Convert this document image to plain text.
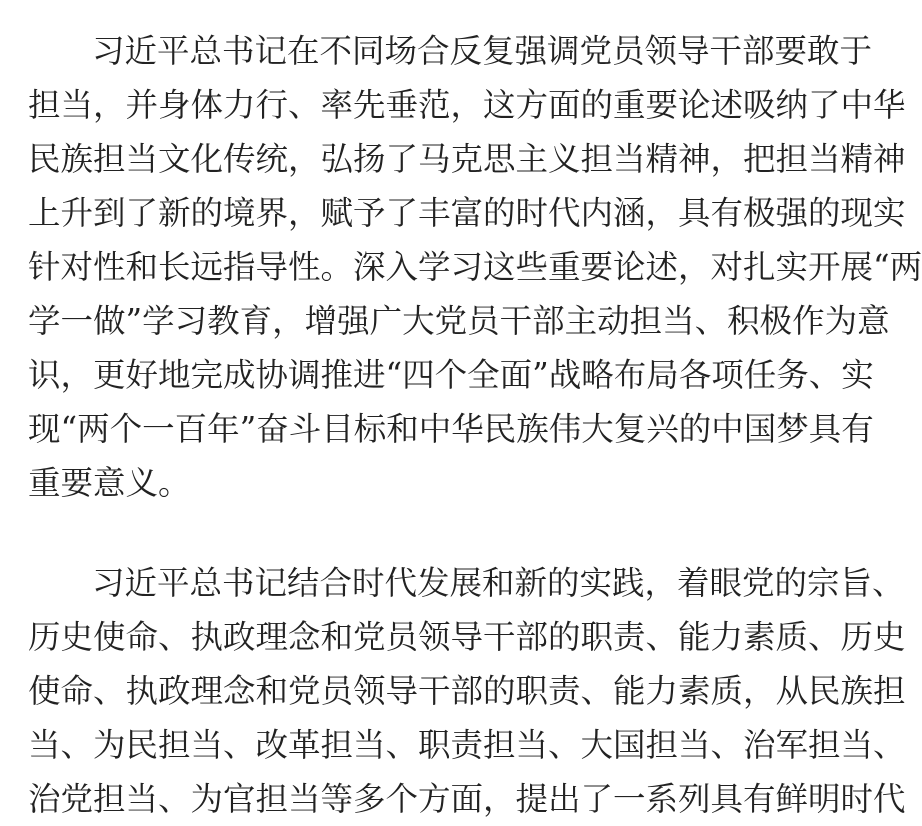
习近平总书记在不同场合反复强调党员领导干部要敢于
担当，并身体力行、率先垂范，这方面的重要论述吸纳了中华
民族担当文化传统，弘扬了马克思主义担当精神，把担当精神
上升到了新的境界，赋予了丰富的时代内涵，具有极强的现实
针对性和长远指导性。深入学习这些重要论述，对扎实开展“两
学一做”学习教育，增强广大党员干部主动担当、积极作为意
识，更好地完成协调推进“四个全面”战略布局各项任务、实
现“两个一百年”奋斗目标和中华民族伟大复兴的中国梦具有
重要意义。
习近平总书记结合时代发展和新的实践，着眼党的宗旨、
历史使命、执政理念和党员领导干部的职责、能力素质、历史
使命、执政理念和党员领导干部的职责、能力素质，从民族担
当、为民担当、改革担当、职责担当、大国担当、治军担当、
治党担当、为官担当等多个方面，提出了一系列具有鲜明时代
